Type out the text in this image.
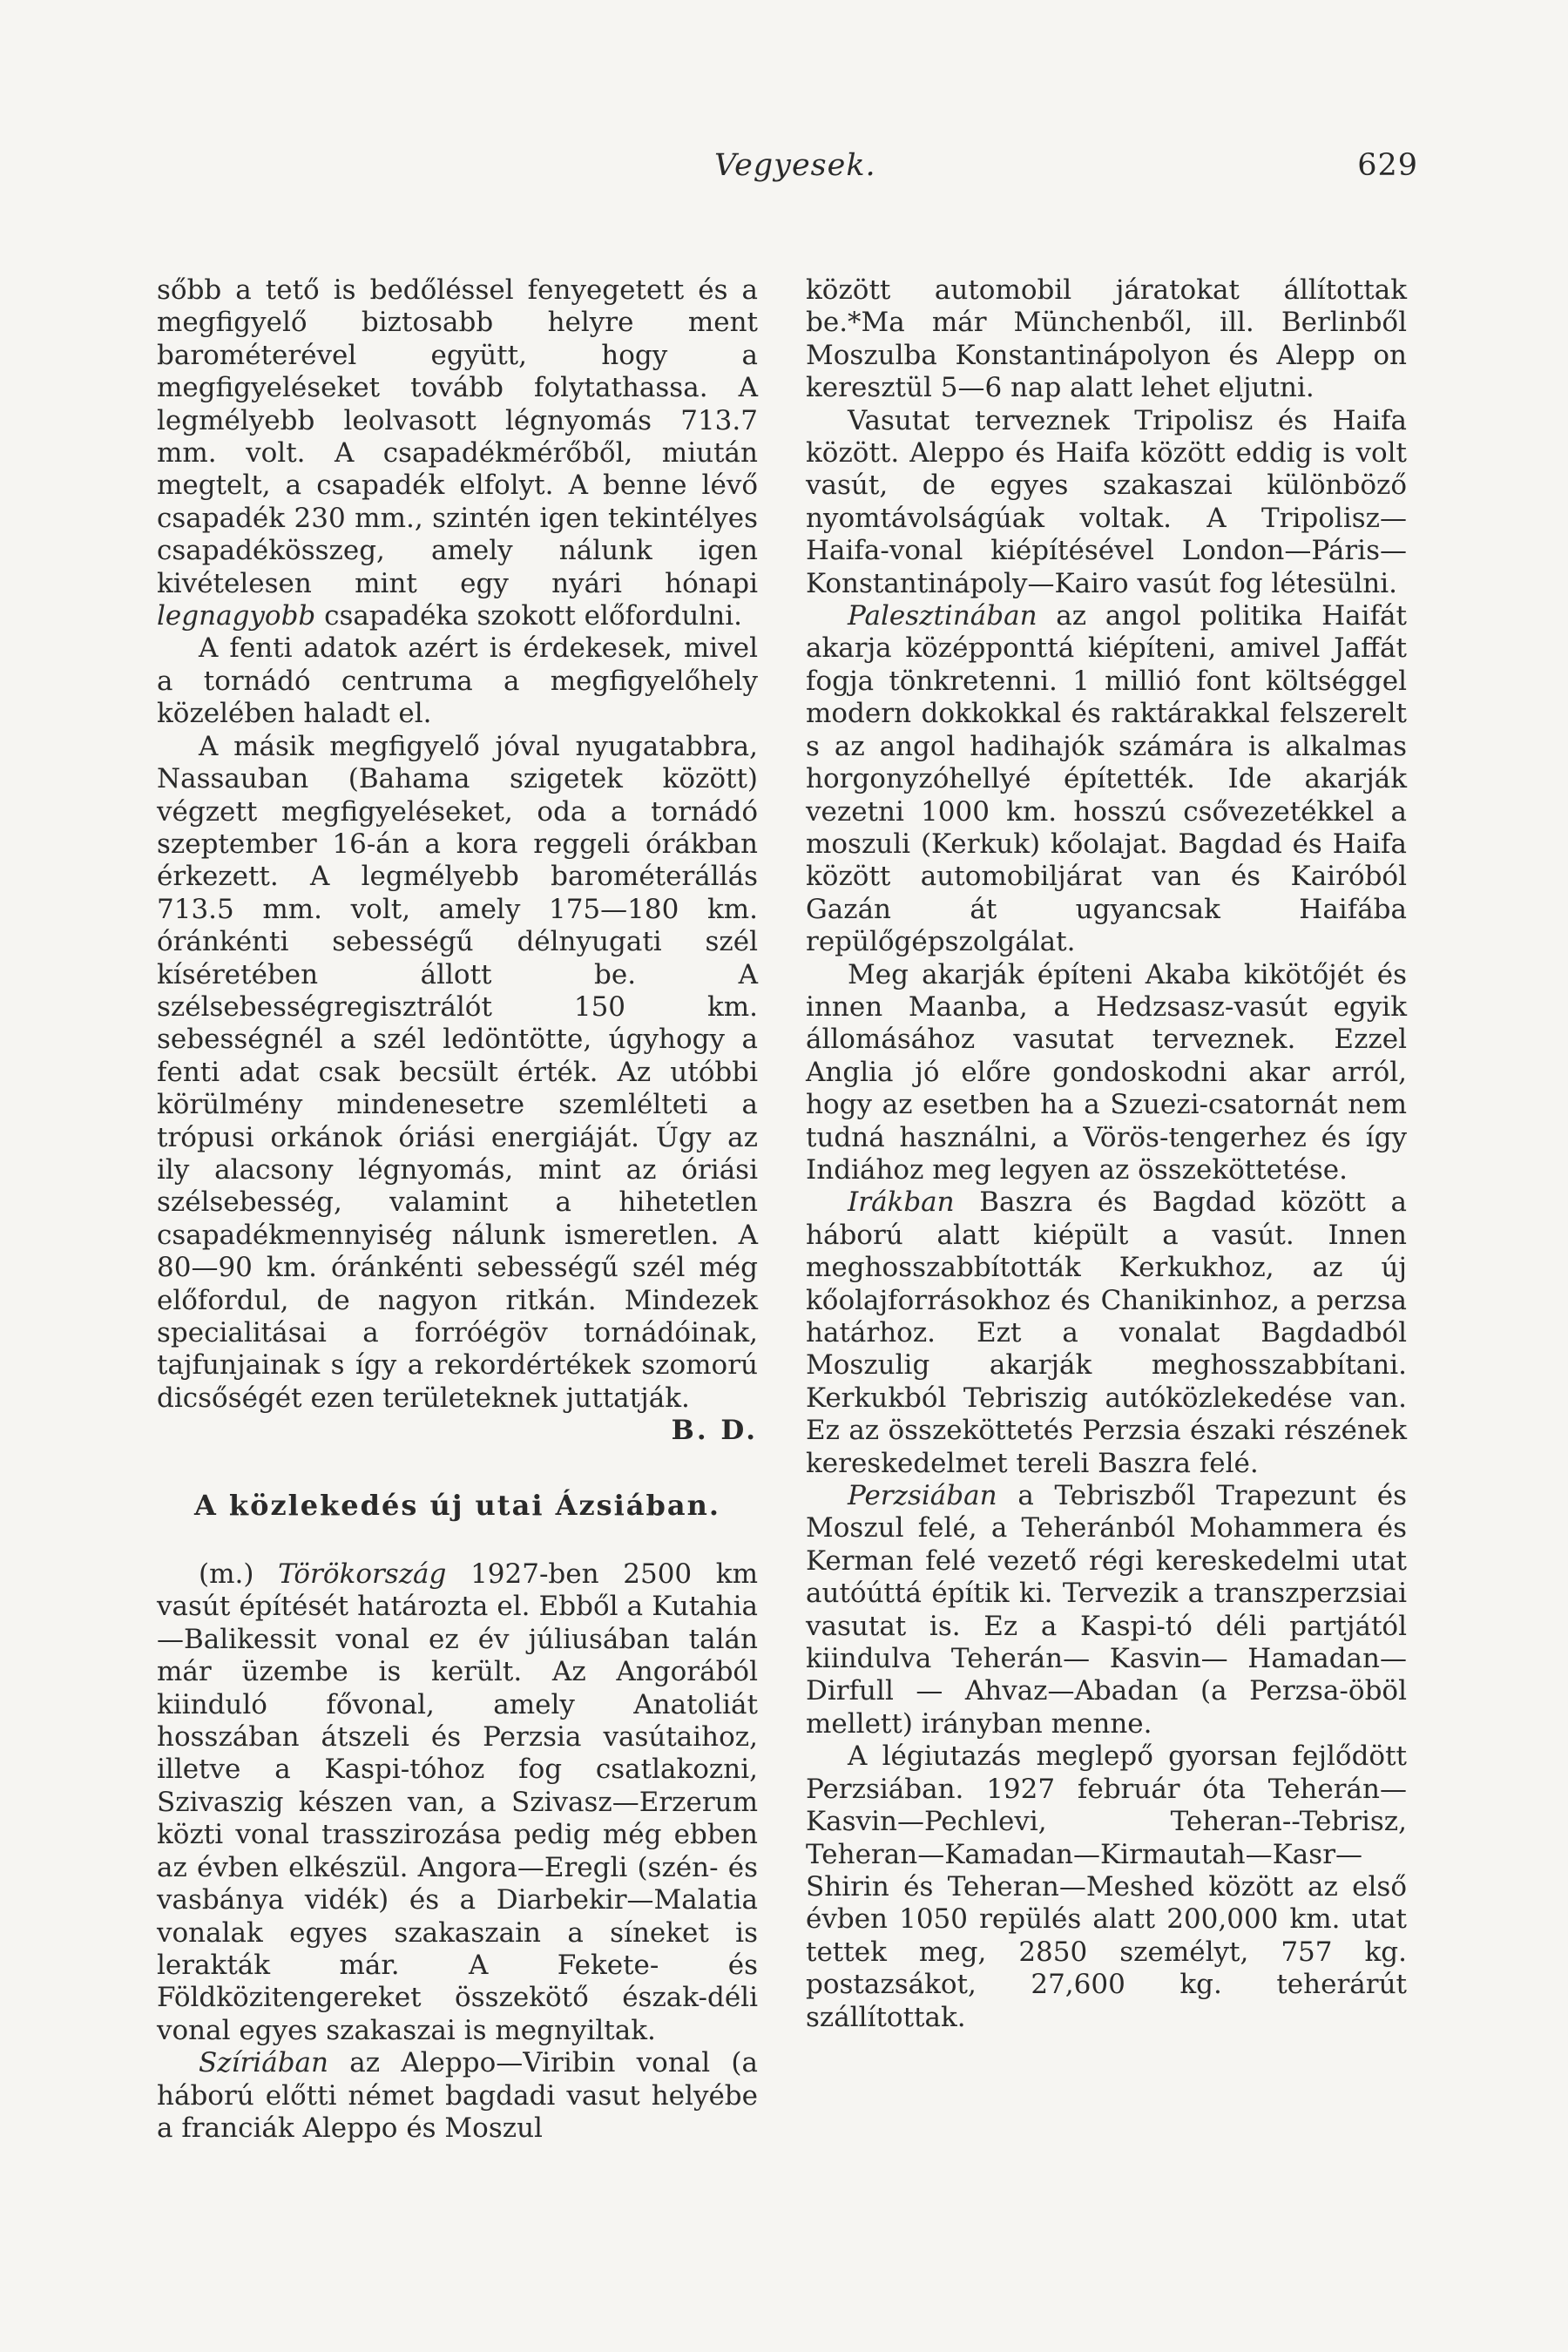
Vegyesek.	629

sőbb a tető is bedőléssel fenyegetett és a megfigyelő biztosabb helyre ment barométerével együtt, hogy a megfigyeléseket tovább folytathassa. A legmélyebb leolvasott légnyomás 713.7 mm. volt. A csapadékmérőből, miután megtelt, a csapadék elfolyt. A benne lévő csapadék 230 mm., szintén igen tekintélyes csapadékösszeg, amely nálunk igen kivételesen mint egy nyári hónapi legnagyobb csapadéka szokott előfordulni.

A fenti adatok azért is érdekesek, mivel a tornádó centruma a megfigyelőhely közelében haladt el.

A másik megfigyelő jóval nyugatabbra, Nassauban (Bahama szigetek között) végzett megfigyeléseket, oda a tornádó szeptember 16-án a kora reggeli órákban érkezett. A legmélyebb barométerállás 713.5 mm. volt, amely 175—180 km. óránkénti sebességű délnyugati szél kíséretében állott be. A szélsebességregisztrálót 150 km. sebességnél a szél ledöntötte, úgyhogy a fenti adat csak becsült érték. Az utóbbi körülmény mindenesetre szemlélteti a trópusi orkánok óriási energiáját. Úgy az ily alacsony légnyomás, mint az óriási szélsebesség, valamint a hihetetlen csapadékmennyiség nálunk ismeretlen. A 80—90 km. óránkénti sebességű szél még előfordul, de nagyon ritkán. Mindezek specialitásai a forróégöv tornádóinak, tajfunjainak s így a rekordértékek szomorú dicsőségét ezen területeknek juttatják.
B. D.

A közlekedés új utai Ázsiában.

(m.) Törökország 1927-ben 2500 km vasút építését határozta el. Ebből a Kutahia—Balikessit vonal ez év júliusában talán már üzembe is került. Az Angorából kiinduló fővonal, amely Anatoliát hosszában átszeli és Perzsia vasútaihoz, illetve a Kaspi-tóhoz fog csatlakozni, Szivaszig készen van, a Szivasz—Erzerum közti vonal trasszirozása pedig még ebben az évben elkészül. Angora—Eregli (szén- és vasbánya vidék) és a Diarbekir—Malatia vonalak egyes szakaszain a síneket is lerakták már. A Fekete- és Földközitengereket összekötő észak-déli vonal egyes szakaszai is megnyiltak.

Szíriában az Aleppo—Viribin vonal (a háború előtti német bagdadi vasut helyébe a franciák Aleppo és Moszul

között automobil járatokat állítottak be.*Ma már Münchenből, ill. Berlinből Moszulba Konstantinápolyon és Alepp on keresztül 5—6 nap alatt lehet eljutni.

Vasutat terveznek Tripolisz és Haifa között. Aleppo és Haifa között eddig is volt vasút, de egyes szakaszai különböző nyomtávolságúak voltak. A Tripolisz—Haifa-vonal kiépítésével London—Páris—Konstantinápoly—Kairo vasút fog létesülni.

Palesztinában az angol politika Haifát akarja középponttá kiépíteni, amivel Jaffát fogja tönkretenni. 1 millió font költséggel modern dokkokkal és raktárakkal felszerelt s az angol hadihajók számára is alkalmas horgonyzóhellyé építették. Ide akarják vezetni 1000 km. hosszú csővezetékkel a moszuli (Kerkuk) kőolajat. Bagdad és Haifa között automobiljárat van és Kairóból Gazán át ugyancsak Haifába repülőgépszolgálat.

Meg akarják építeni Akaba kikötőjét és innen Maanba, a Hedzsasz-vasút egyik állomásához vasutat terveznek. Ezzel Anglia jó előre gondoskodni akar arról, hogy az esetben ha a Szuezi-csatornát nem tudná használni, a Vörös-tengerhez és így Indiához meg legyen az összeköttetése.

Irákban Baszra és Bagdad között a háború alatt kiépült a vasút. Innen meghosszabbították Kerkukhoz, az új kőolajforrásokhoz és Chanikinhoz, a perzsa határhoz. Ezt a vonalat Bagdadból Moszulig akarják meghosszabbítani. Kerkukból Tebriszig autóközlekedése van. Ez az összeköttetés Perzsia északi részének kereskedelmet tereli Baszra felé.

Perzsiában a Tebriszből Trapezunt és Moszul felé, a Teheránból Mohammera és Kerman felé vezető régi kereskedelmi utat autóúttá építik ki. Tervezik a transzperzsiai vasutat is. Ez a Kaspi-tó déli partjától kiindulva Teherán— Kasvin— Hamadan— Dirfull — Ahvaz—Abadan (a Perzsa-öböl mellett) irányban menne.

A légiutazás meglepő gyorsan fejlődött Perzsiában. 1927 február óta Teherán—Kasvin—Pechlevi, Teheran--Tebrisz, Teheran—Kamadan—Kirmautah—Kasr—Shirin és Teheran—Meshed között az első évben 1050 repülés alatt 200,000 km. utat tettek meg, 2850 személyt, 757 kg. postazsákot, 27,600 kg. teherárút szállítottak.
